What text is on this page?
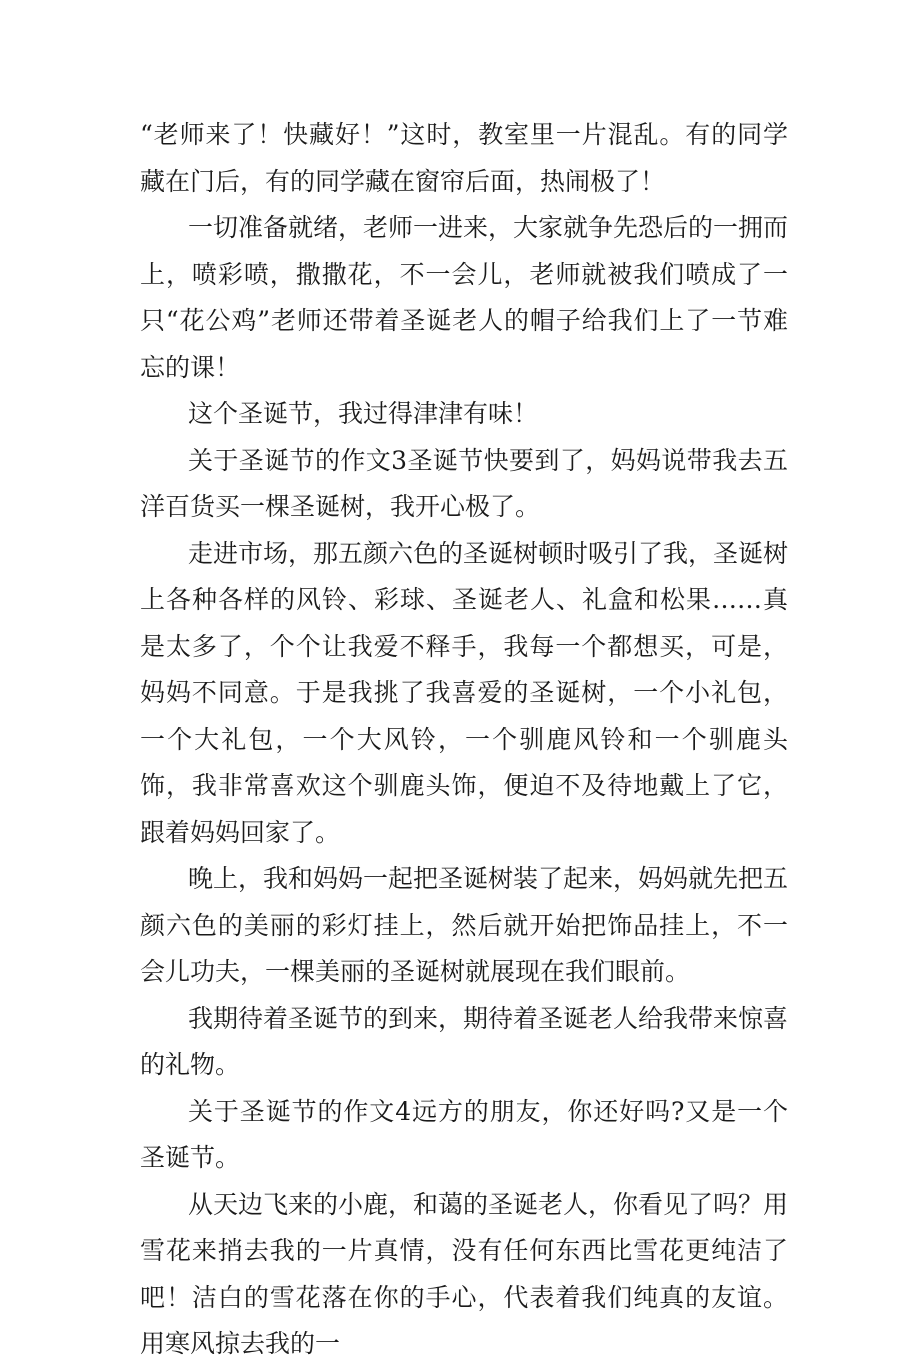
“老师来了！快藏好！”这时，教室里一片混乱。有的同学藏在门后，有的同学藏在窗帘后面，热闹极了！

一切准备就绪，老师一进来，大家就争先恐后的一拥而上，喷彩喷，撒撒花，不一会儿，老师就被我们喷成了一只“花公鸡”老师还带着圣诞老人的帽子给我们上了一节难忘的课！

这个圣诞节，我过得津津有味！

关于圣诞节的作文3圣诞节快要到了，妈妈说带我去五洋百货买一棵圣诞树，我开心极了。

走进市场，那五颜六色的圣诞树顿时吸引了我，圣诞树上各种各样的风铃、彩球、圣诞老人、礼盒和松果……真是太多了，个个让我爱不释手，我每一个都想买，可是，妈妈不同意。于是我挑了我喜爱的圣诞树，一个小礼包，一个大礼包，一个大风铃，一个驯鹿风铃和一个驯鹿头饰，我非常喜欢这个驯鹿头饰，便迫不及待地戴上了它，跟着妈妈回家了。

晚上，我和妈妈一起把圣诞树装了起来，妈妈就先把五颜六色的美丽的彩灯挂上，然后就开始把饰品挂上，不一会儿功夫，一棵美丽的圣诞树就展现在我们眼前。

我期待着圣诞节的到来，期待着圣诞老人给我带来惊喜的礼物。

关于圣诞节的作文4远方的朋友，你还好吗?又是一个圣诞节。

从天边飞来的小鹿，和蔼的圣诞老人，你看见了吗？用雪花来捎去我的一片真情，没有任何东西比雪花更纯洁了吧！洁白的雪花落在你的手心，代表着我们纯真的友谊。用寒风掠去我的一
